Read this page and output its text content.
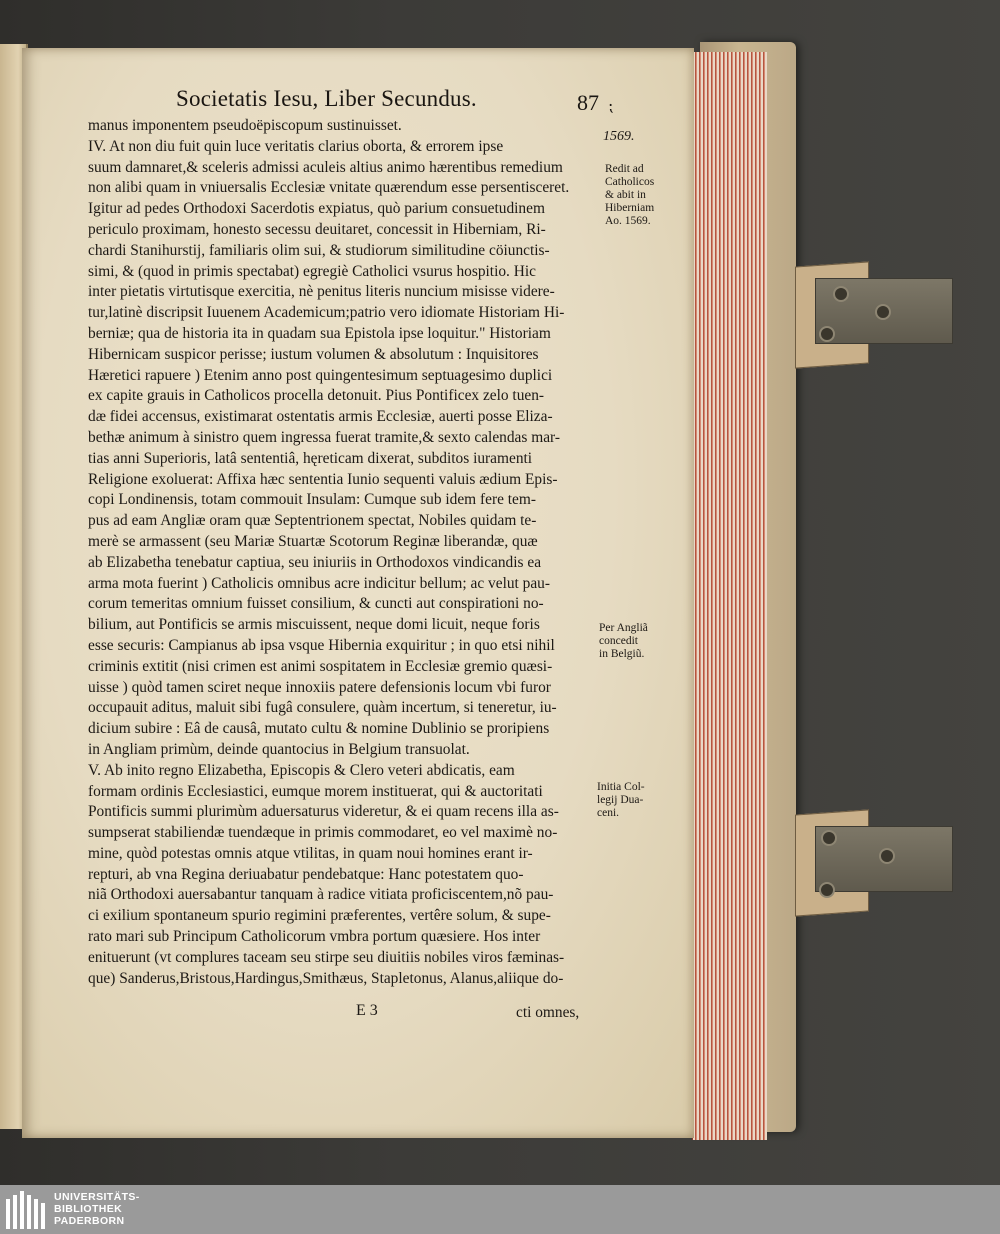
Societatis Iesu, Liber Secundus.	87 ⁏
manus imponentem pseudoëpiscopum sustinuisset.
IV. At non diu fuit quin luce veritatis clarius oborta, & errorem ipse
suum damnaret,& sceleris admissi aculeis altius animo hærentibus remedium
non alibi quam in vniuersalis Ecclesiæ vnitate quærendum esse persentisceret.
Igitur ad pedes Orthodoxi Sacerdotis expiatus, quò parium consuetudinem
periculo proximam, honesto secessu deuitaret, concessit in Hiberniam, Ri-
chardi Stanihurstij, familiaris olim sui, & studiorum similitudine cöiunctis-
simi, & (quod in primis spectabat) egregiè Catholici vsurus hospitio. Hic
inter pietatis virtutisque exercitia, nè penitus literis nuncium misisse videre-
tur,latinè discripsit Iuuenem Academicum;patrio vero idiomate Historiam Hi-
berniæ; qua de historia ita in quadam sua Epistola ipse loquitur." Historiam
Hibernicam suspicor perisse; iustum volumen & absolutum : Inquisitores
Hæretici rapuere ) Etenim anno post quingentesimum septuagesimo duplici
ex capite grauis in Catholicos procella detonuit. Pius Pontificex zelo tuen-
dæ fidei accensus, existimarat ostentatis armis Ecclesiæ, auerti posse Eliza-
bethæ animum à sinistro quem ingressa fuerat tramite,& sexto calendas mar-
tias anni Superioris, latâ sententiâ, hęreticam dixerat, subditos iuramenti
Religione exoluerat: Affixa hæc sententia Iunio sequenti valuis ædium Epis-
copi Londinensis, totam commouit Insulam: Cumque sub idem fere tem-
pus ad eam Angliæ oram quæ Septentrionem spectat, Nobiles quidam te-
merè se armassent (seu Mariæ Stuartæ Scotorum Reginæ liberandæ, quæ
ab Elizabetha tenebatur captiua, seu iniuriis in Orthodoxos vindicandis ea
arma mota fuerint ) Catholicis omnibus acre indicitur bellum; ac velut pau-
corum temeritas omnium fuisset consilium, & cuncti aut conspirationi no-
bilium, aut Pontificis se armis miscuissent, neque domi licuit, neque foris
esse securis: Campianus ab ipsa vsque Hibernia exquiritur ; in quo etsi nihil
criminis extitit (nisi crimen est animi sospitatem in Ecclesiæ gremio quæsi-
uisse ) quòd tamen sciret neque innoxiis patere defensionis locum vbi furor
occupauit aditus, maluit sibi fugâ consulere, quàm incertum, si teneretur, iu-
dicium subire : Eâ de causâ, mutato cultu & nomine Dublinio se proripiens
in Angliam primùm, deinde quantocius in Belgium transuolat.
V. Ab inito regno Elizabetha, Episcopis & Clero veteri abdicatis, eam
formam ordinis Ecclesiastici, eumque morem instituerat, qui & auctoritati
Pontificis summi plurimùm aduersaturus videretur, & ei quam recens illa as-
sumpserat stabiliendæ tuendæque in primis commodaret, eo vel maximè no-
mine, quòd potestas omnis atque vtilitas, in quam noui homines erant ir-
repturi, ab vna Regina deriuabatur pendebatque: Hanc potestatem quo-
niã Orthodoxi auersabantur tanquam à radice vitiata proficiscentem,nõ pau-
ci exilium spontaneum spurio regimini præferentes, vertêre solum, & supe-
rato mari sub Principum Catholicorum vmbra portum quæsiere. Hos inter
enituerunt (vt complures taceam seu stirpe seu diuitiis nobiles viros fæminas-
que) Sanderus,Bristous,Hardingus,Smithæus, Stapletonus, Alanus,aliique do-
1569.
Redit ad
Catholicos
& abit in
Hiberniam
Ao. 1569.
Per Angliã
concedit
in Belgiũ.
Initia Col-
legij Dua-
ceni.
E 3	cti omnes,
UNIVERSITÄTS-
BIBLIOTHEK
PADERBORN
